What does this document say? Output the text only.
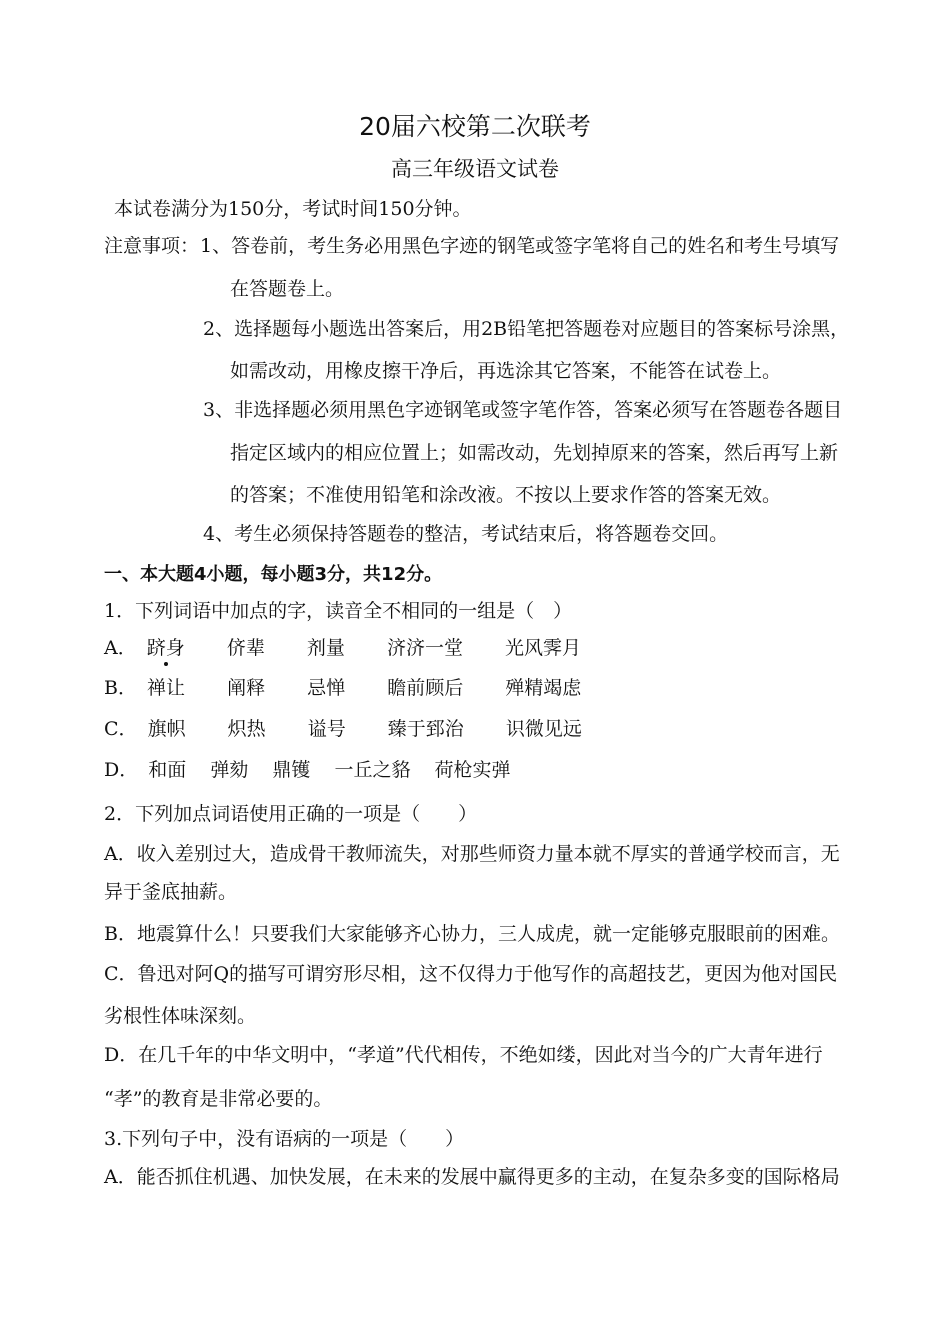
20届六校第二次联考
高三年级语文试卷
本试卷满分为150分，考试时间150分钟。
注意事项： 1、答卷前，考生务必用黑色字迹的钢笔或签字笔将自己的姓名和考生号填写
在答题卷上。
2、选择题每小题选出答案后，用2B铅笔把答题卷对应题目的答案标号涂黑，
如需改动，用橡皮擦干净后，再选涂其它答案，不能答在试卷上。
3、非选择题必须用黑色字迹钢笔或签字笔作答，答案必须写在答题卷各题目
指定区域内的相应位置上；如需改动，先划掉原来的答案，然后再写上新
的答案；不准使用铅笔和涂改液。不按以上要求作答的答案无效。
4、考生必须保持答题卷的整洁，考试结束后，将答题卷交回。
一、本大题4小题，每小题3分，共12分。
1．下列词语中加点的字，读音全不相同的一组是（　）
A． 跻身 侪辈 剂量 济济一堂 光风霁月
B． 禅让 阐释 忌惮 瞻前顾后 殚精竭虑
C． 旗帜 炽热 谥号 臻于郅治 识微见远
D． 和面 弹劾 鼎镬 一丘之貉 荷枪实弹
2．下列加点词语使用正确的一项是（　　）
A．收入差别过大，造成骨干教师流失，对那些师资力量本就不厚实的普通学校而言，无
异于釜底抽薪。
B．地震算什么！只要我们大家能够齐心协力，三人成虎，就一定能够克服眼前的困难。
C．鲁迅对阿Q的描写可谓穷形尽相，这不仅得力于他写作的高超技艺，更因为他对国民
劣根性体味深刻。
D．在几千年的中华文明中，“孝道”代代相传，不绝如缕，因此对当今的广大青年进行
“孝”的教育是非常必要的。
3.下列句子中，没有语病的一项是（　　）
A．能否抓住机遇、加快发展，在未来的发展中赢得更多的主动，在复杂多变的国际格局
